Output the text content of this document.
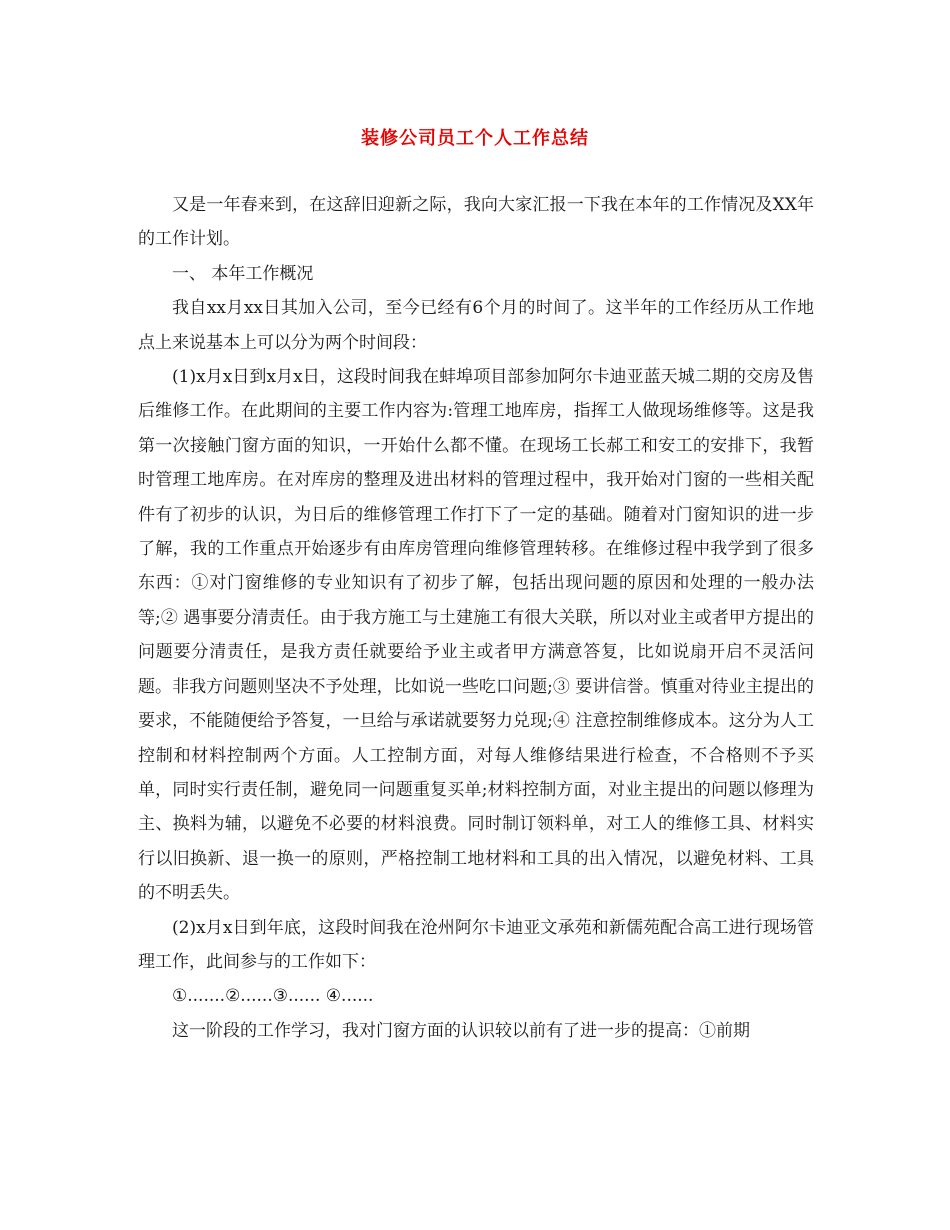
装修公司员工个人工作总结

又是一年春来到，在这辞旧迎新之际，我向大家汇报一下我在本年的工作情况及XX年的工作计划。

一、 本年工作概况

我自xx月xx日其加入公司，至今已经有6个月的时间了。这半年的工作经历从工作地点上来说基本上可以分为两个时间段：

(1)x月x日到x月x日，这段时间我在蚌埠项目部参加阿尔卡迪亚蓝天城二期的交房及售后维修工作。在此期间的主要工作内容为:管理工地库房，指挥工人做现场维修等。这是我第一次接触门窗方面的知识，一开始什么都不懂。在现场工长郝工和安工的安排下，我暂时管理工地库房。在对库房的整理及进出材料的管理过程中，我开始对门窗的一些相关配件有了初步的认识，为日后的维修管理工作打下了一定的基础。随着对门窗知识的进一步了解，我的工作重点开始逐步有由库房管理向维修管理转移。在维修过程中我学到了很多东西：①对门窗维修的专业知识有了初步了解，包括出现问题的原因和处理的一般办法等;② 遇事要分清责任。由于我方施工与土建施工有很大关联，所以对业主或者甲方提出的问题要分清责任，是我方责任就要给予业主或者甲方满意答复，比如说扇开启不灵活问题。非我方问题则坚决不予处理，比如说一些吃口问题;③ 要讲信誉。慎重对待业主提出的要求，不能随便给予答复，一旦给与承诺就要努力兑现;④ 注意控制维修成本。这分为人工控制和材料控制两个方面。人工控制方面，对每人维修结果进行检查，不合格则不予买单，同时实行责任制，避免同一问题重复买单;材料控制方面，对业主提出的问题以修理为主、换料为辅，以避免不必要的材料浪费。同时制订领料单，对工人的维修工具、材料实行以旧换新、退一换一的原则，严格控制工地材料和工具的出入情况，以避免材料、工具的不明丢失。

(2)x月x日到年底，这段时间我在沧州阿尔卡迪亚文承苑和新儒苑配合高工进行现场管理工作，此间参与的工作如下：

①.......②......③...... ④......

这一阶段的工作学习，我对门窗方面的认识较以前有了进一步的提高：①前期
